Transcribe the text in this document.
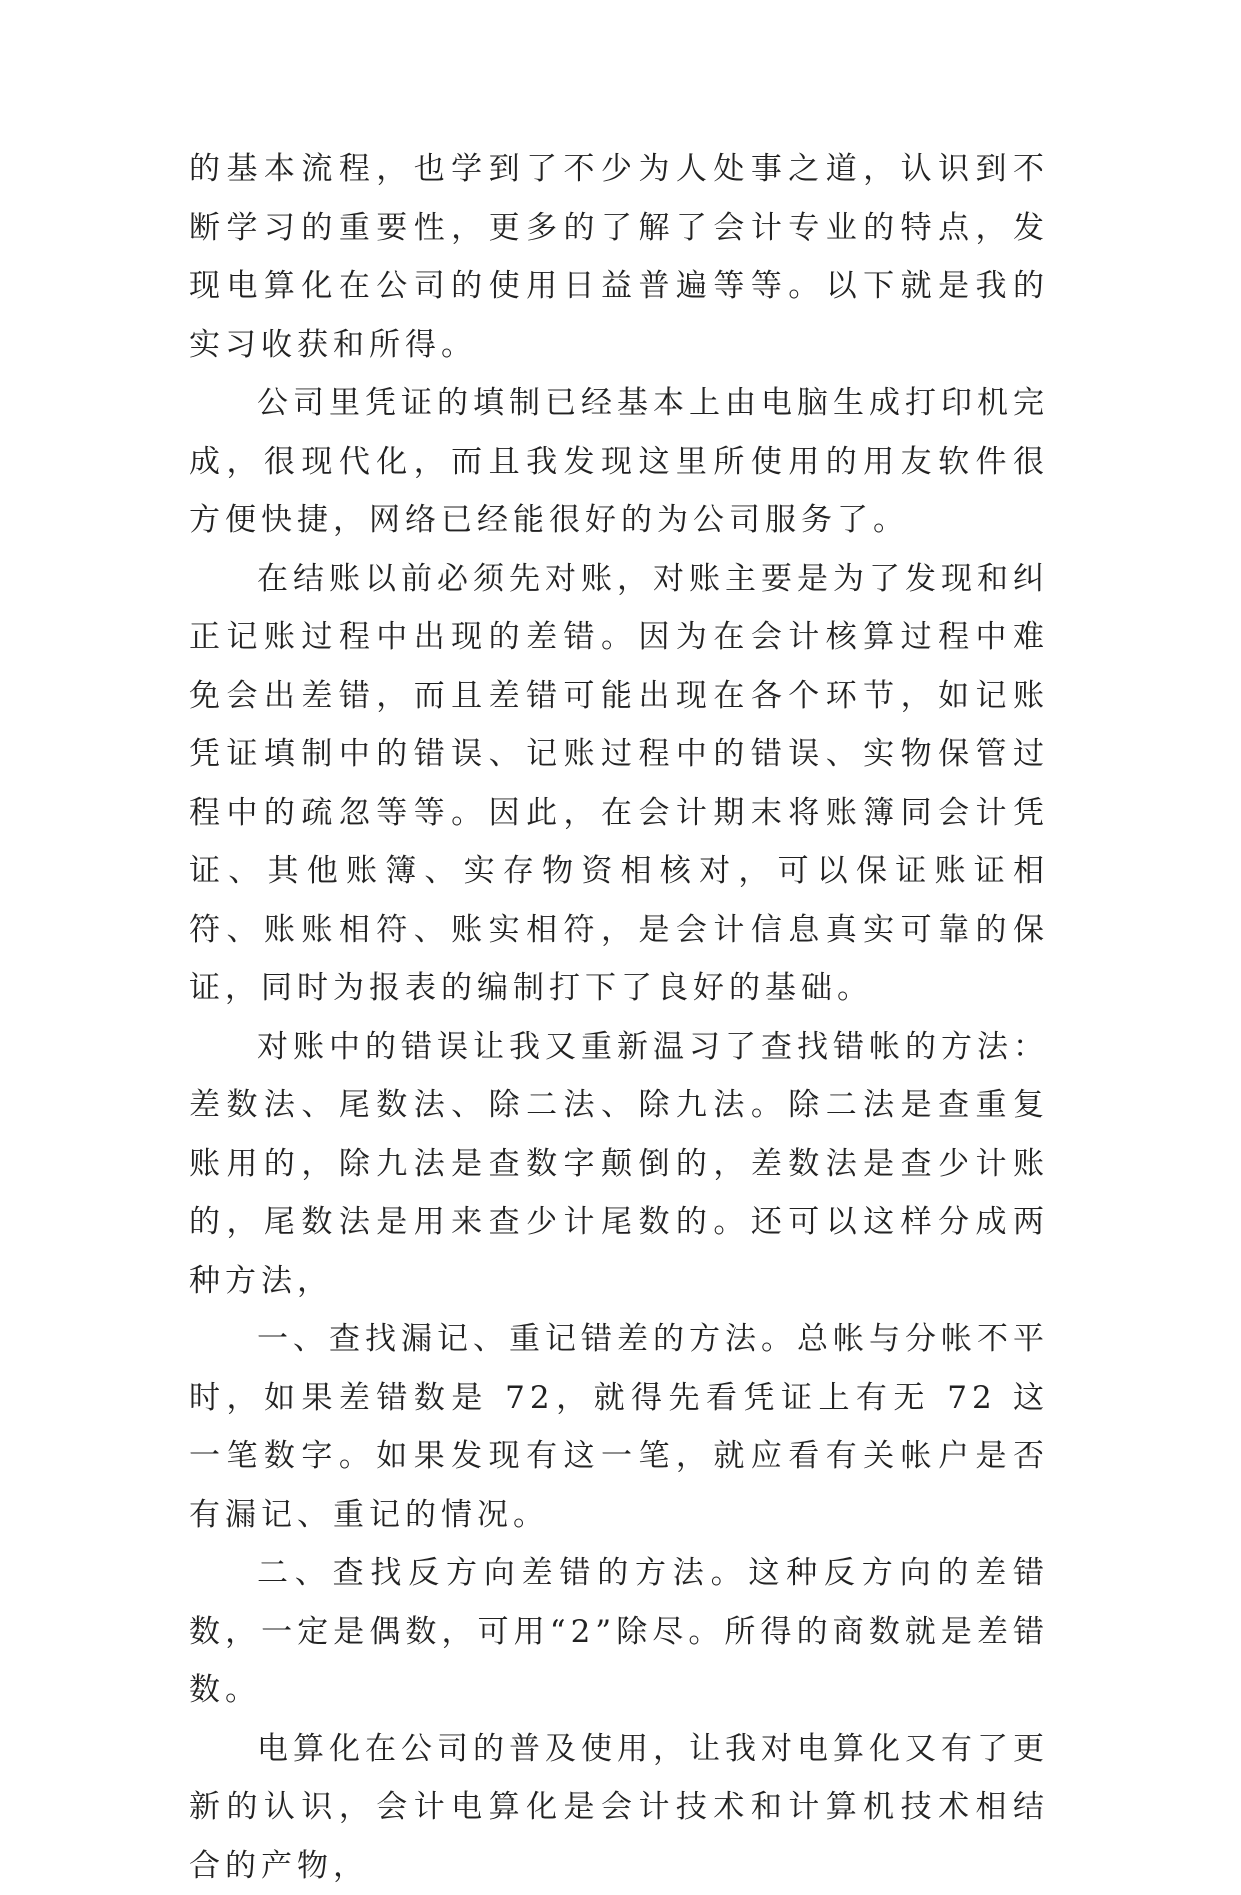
的基本流程，也学到了不少为人处事之道，认识到不断学习的重要性，更多的了解了会计专业的特点，发现电算化在公司的使用日益普遍等等。以下就是我的实习收获和所得。

公司里凭证的填制已经基本上由电脑生成打印机完成，很现代化，而且我发现这里所使用的用友软件很方便快捷，网络已经能很好的为公司服务了。

在结账以前必须先对账，对账主要是为了发现和纠正记账过程中出现的差错。因为在会计核算过程中难免会出差错，而且差错可能出现在各个环节，如记账凭证填制中的错误、记账过程中的错误、实物保管过程中的疏忽等等。因此，在会计期末将账簿同会计凭证、其他账簿、实存物资相核对，可以保证账证相符、账账相符、账实相符，是会计信息真实可靠的保证，同时为报表的编制打下了良好的基础。

对账中的错误让我又重新温习了查找错帐的方法：差数法、尾数法、除二法、除九法。除二法是查重复账用的，除九法是查数字颠倒的，差数法是查少计账的，尾数法是用来查少计尾数的。还可以这样分成两种方法，

一、查找漏记、重记错差的方法。总帐与分帐不平时，如果差错数是 72，就得先看凭证上有无 72 这一笔数字。如果发现有这一笔，就应看有关帐户是否有漏记、重记的情况。

二、查找反方向差错的方法。这种反方向的差错数，一定是偶数，可用“2”除尽。所得的商数就是差错数。

电算化在公司的普及使用，让我对电算化又有了更新的认识，会计电算化是会计技术和计算机技术相结合的产物，
